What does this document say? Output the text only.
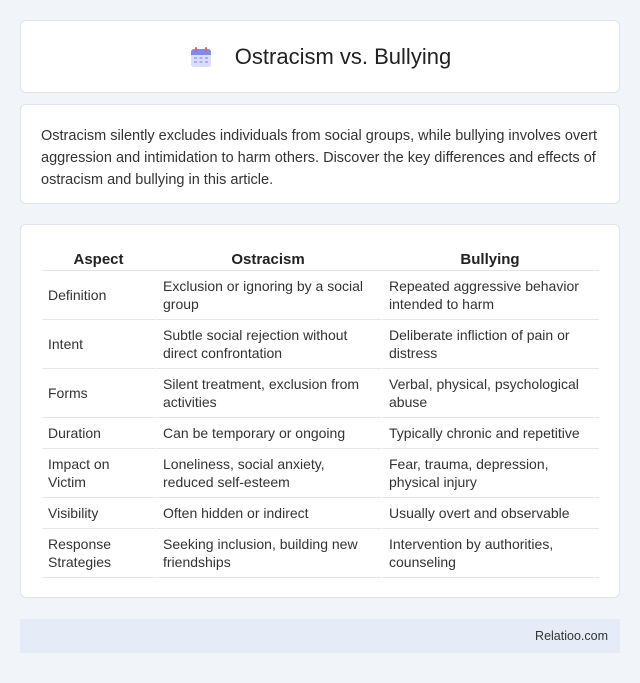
Ostracism vs. Bullying

Ostracism silently excludes individuals from social groups, while bullying involves overt aggression and intimidation to harm others. Discover the key differences and effects of ostracism and bullying in this article.

Aspect	Ostracism	Bullying
Definition	Exclusion or ignoring by a social group	Repeated aggressive behavior intended to harm
Intent	Subtle social rejection without direct confrontation	Deliberate infliction of pain or distress
Forms	Silent treatment, exclusion from activities	Verbal, physical, psychological abuse
Duration	Can be temporary or ongoing	Typically chronic and repetitive
Impact on Victim	Loneliness, social anxiety, reduced self-esteem	Fear, trauma, depression, physical injury
Visibility	Often hidden or indirect	Usually overt and observable
Response Strategies	Seeking inclusion, building new friendships	Intervention by authorities, counseling
Relatioo.com
